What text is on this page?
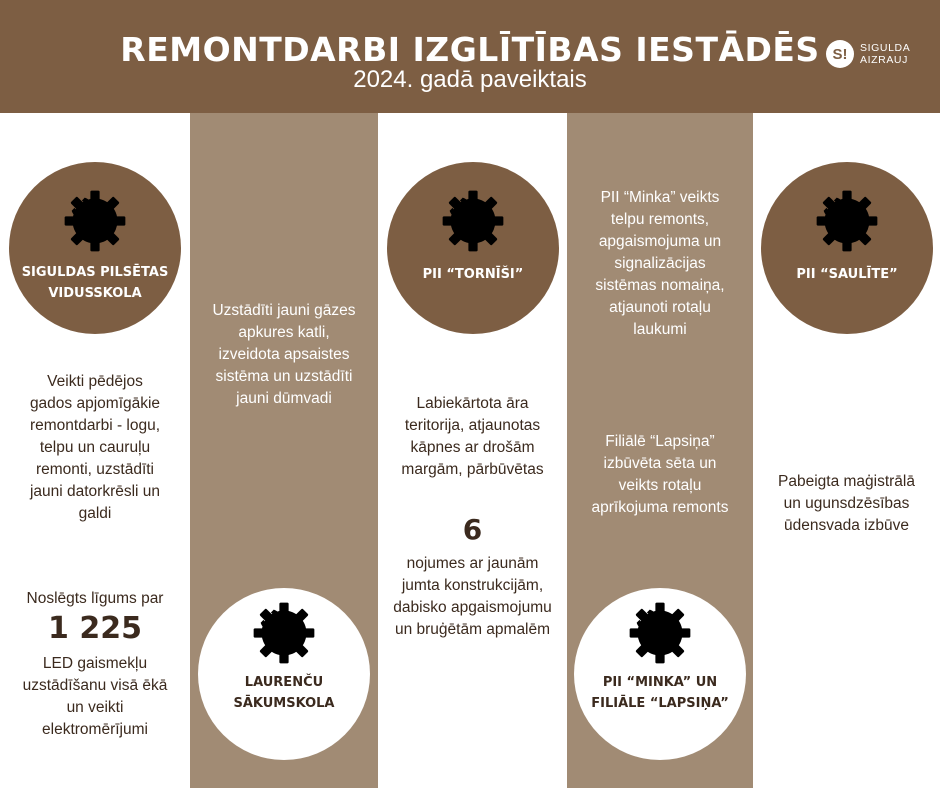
REMONTDARBI IZGLĪTĪBAS IESTĀDĒS
2024. gadā paveiktais
S!	SIGULDA
AIZRAUJ
SIGULDAS PILSĒTAS
VIDUSSKOLA
Veikti pēdējos gados apjomīgākie remontdarbi - logu, telpu un cauruļu remonti, uzstādīti jauni datorkrēsli un galdi
Noslēgts līgums par
1 225
LED gaismekļu uzstādīšanu visā ēkā un veikti elektromērījumi
Uzstādīti jauni gāzes apkures katli, izveidota apsaistes sistēma un uzstādīti jauni dūmvadi
LAURENČU
SĀKUMSKOLA
PII “TORNĪŠI”
Labiekārtota āra teritorija, atjaunotas kāpnes ar drošām margām, pārbūvētas
6
nojumes ar jaunām jumta konstrukcijām, dabisko apgaismojumu un bruģētām apmalēm
PII “Minka” veikts telpu remonts, apgaismojuma un signalizācijas sistēmas nomaiņa, atjaunoti rotaļu laukumi
Filiālē “Lapsiņa” izbūvēta sēta un veikts rotaļu aprīkojuma remonts
PII “MINKA” UN
FILIĀLE “LAPSIŅA”
PII “SAULĪTE”
Pabeigta maģistrālā un ugunsdzēsības ūdensvada izbūve
